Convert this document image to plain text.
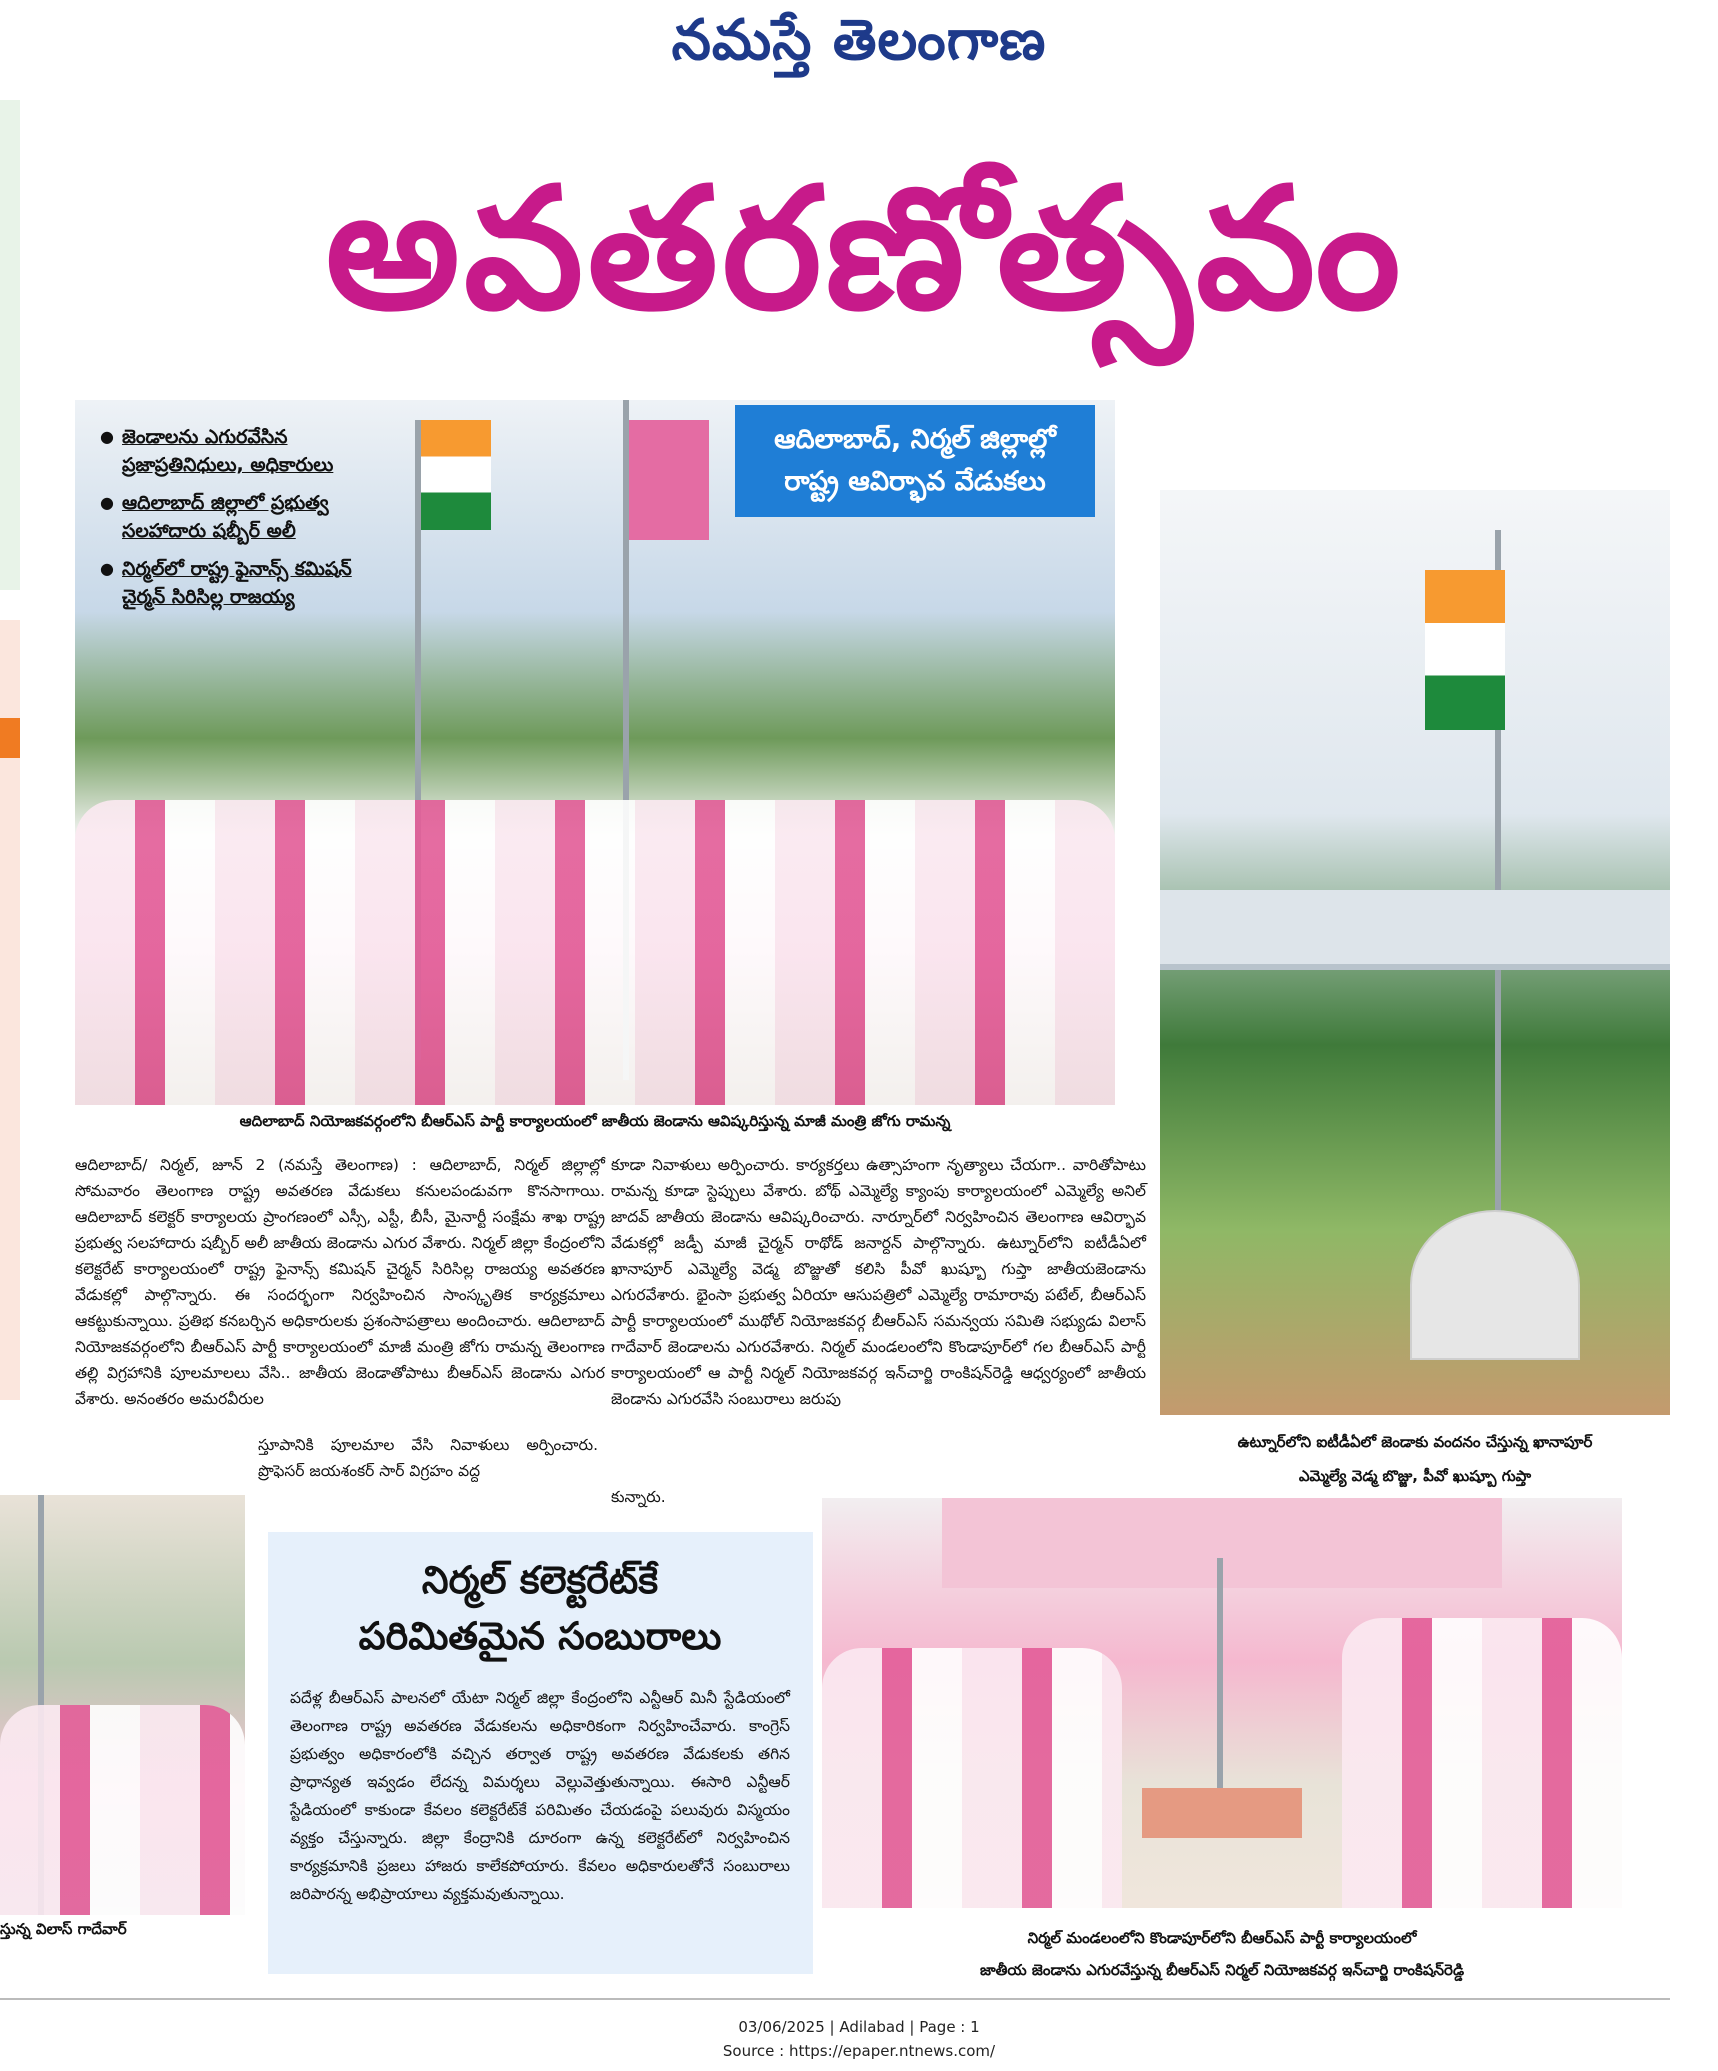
నమస్తే తెలంగాణ
అవతరణోత్సవం
● జెండాలను ఎగురవేసిన ప్రజాప్రతినిధులు, అధికారులు
● ఆదిలాబాద్ జిల్లాలో ప్రభుత్వ సలహాదారు షబ్బీర్ అలీ
● నిర్మల్‌లో రాష్ట్ర ఫైనాన్స్ కమిషన్ చైర్మన్ సిరిసిల్ల రాజయ్య
ఆదిలాబాద్, నిర్మల్ జిల్లాల్లో
రాష్ట్ర ఆవిర్భావ వేడుకలు
ఆదిలాబాద్ నియోజకవర్గంలోని బీఆర్‌ఎస్ పార్టీ కార్యాలయంలో జాతీయ జెండాను ఆవిష్కరిస్తున్న మాజీ మంత్రి జోగు రామన్న
ఉట్నూర్‌లోని ఐటీడీఏలో జెండాకు వందనం చేస్తున్న ఖానాపూర్
ఎమ్మెల్యే వెడ్మ బొజ్జు, పీవో ఖుష్బూ గుప్తా
ఆదిలాబాద్/ నిర్మల్, జూన్ 2 (నమస్తే తెలంగాణ) : ఆదిలాబాద్, నిర్మల్ జిల్లాల్లో సోమవారం తెలంగాణ రాష్ట్ర అవతరణ వేడుకలు కనులపండువగా కొనసాగాయి. ఆదిలాబాద్ కలెక్టర్ కార్యాలయ ప్రాంగణంలో ఎస్సీ, ఎస్టీ, బీసీ, మైనార్టీ సంక్షేమ శాఖ రాష్ట్ర ప్రభుత్వ సలహాదారు షబ్బీర్ అలీ జాతీయ జెండాను ఎగుర వేశారు. నిర్మల్ జిల్లా కేంద్రంలోని కలెక్టరేట్ కార్యాలయంలో రాష్ట్ర ఫైనాన్స్ కమిషన్ చైర్మన్ సిరిసిల్ల రాజయ్య అవతరణ వేడుకల్లో పాల్గొన్నారు. ఈ సందర్భంగా నిర్వహించిన సాంస్కృతిక కార్యక్రమాలు ఆకట్టుకున్నాయి. ప్రతిభ కనబర్చిన అధికారులకు ప్రశంసాపత్రాలు అందించారు. ఆదిలాబాద్ నియోజకవర్గంలోని బీఆర్‌ఎస్ పార్టీ కార్యాలయంలో మాజీ మంత్రి జోగు రామన్న తెలంగాణ తల్లి విగ్రహానికి పూలమాలలు వేసి.. జాతీయ జెండాతోపాటు బీఆర్‌ఎస్ జెండాను ఎగుర వేశారు. అనంతరం అమరవీరుల
స్తూపానికి పూలమాల వేసి నివాళులు అర్పించారు. ప్రొఫెసర్ జయశంకర్ సార్ విగ్రహం వద్ద
కూడా నివాళులు అర్పించారు. కార్యకర్తలు ఉత్సాహంగా నృత్యాలు చేయగా.. వారితోపాటు రామన్న కూడా స్టెప్పులు వేశారు. బోథ్ ఎమ్మెల్యే క్యాంపు కార్యాలయంలో ఎమ్మెల్యే అనిల్ జాదవ్ జాతీయ జెండాను ఆవిష్కరించారు. నార్నూర్‌లో నిర్వహించిన తెలంగాణ ఆవిర్భావ వేడుకల్లో జడ్పీ మాజీ చైర్మన్ రాథోడ్ జనార్దన్ పాల్గొన్నారు. ఉట్నూర్‌లోని ఐటీడీఏలో ఖానాపూర్ ఎమ్మెల్యే వెడ్మ బొజ్జుతో కలిసి పీవో ఖుష్బూ గుప్తా జాతీయజెండాను ఎగురవేశారు. భైంసా ప్రభుత్వ ఏరియా ఆసుపత్రిలో ఎమ్మెల్యే రామారావు పటేల్, బీఆర్‌ఎస్ పార్టీ కార్యాలయంలో ముథోల్ నియోజకవర్గ బీఆర్‌ఎస్ సమన్వయ సమితి సభ్యుడు విలాస్ గాదేవార్ జెండాలను ఎగురవేశారు. నిర్మల్ మండలంలోని కొండాపూర్‌లో గల బీఆర్‌ఎస్ పార్టీ కార్యాలయంలో ఆ పార్టీ నిర్మల్ నియోజకవర్గ ఇన్‌చార్జి రాంకిషన్‌రెడ్డి ఆధ్వర్యంలో జాతీయ జెండాను ఎగురవేసి సంబురాలు జరుపు
కున్నారు.
స్తున్న విలాస్ గాదేవార్
నిర్మల్ కలెక్టరేట్‌కే
పరిమితమైన సంబురాలు
పదేళ్ల బీఆర్‌ఎస్ పాలనలో యేటా నిర్మల్ జిల్లా కేంద్రంలోని ఎన్టీఆర్ మినీ స్టేడియంలో తెలంగాణ రాష్ట్ర అవతరణ వేడుకలను అధికారికంగా నిర్వహించేవారు. కాంగ్రెస్ ప్రభుత్వం అధికారంలోకి వచ్చిన తర్వాత రాష్ట్ర అవతరణ వేడుకలకు తగిన ప్రాధాన్యత ఇవ్వడం లేదన్న విమర్శలు వెల్లువెత్తుతున్నాయి. ఈసారి ఎన్టీఆర్ స్టేడియంలో కాకుండా కేవలం కలెక్టరేట్‌కే పరిమితం చేయడంపై పలువురు విస్మయం వ్యక్తం చేస్తున్నారు. జిల్లా కేంద్రానికి దూరంగా ఉన్న కలెక్టరేట్‌లో నిర్వహించిన కార్యక్రమానికి ప్రజలు హాజరు కాలేకపోయారు. కేవలం అధికారులతోనే సంబురాలు జరిపారన్న అభిప్రాయాలు వ్యక్తమవుతున్నాయి.
నిర్మల్ మండలంలోని కొండాపూర్‌లోని బీఆర్‌ఎస్ పార్టీ కార్యాలయంలో
జాతీయ జెండాను ఎగురవేస్తున్న బీఆర్‌ఎస్ నిర్మల్ నియోజకవర్గ ఇన్‌చార్జి రాంకిషన్‌రెడ్డి
03/06/2025 | Adilabad | Page : 1
Source : https://epaper.ntnews.com/
